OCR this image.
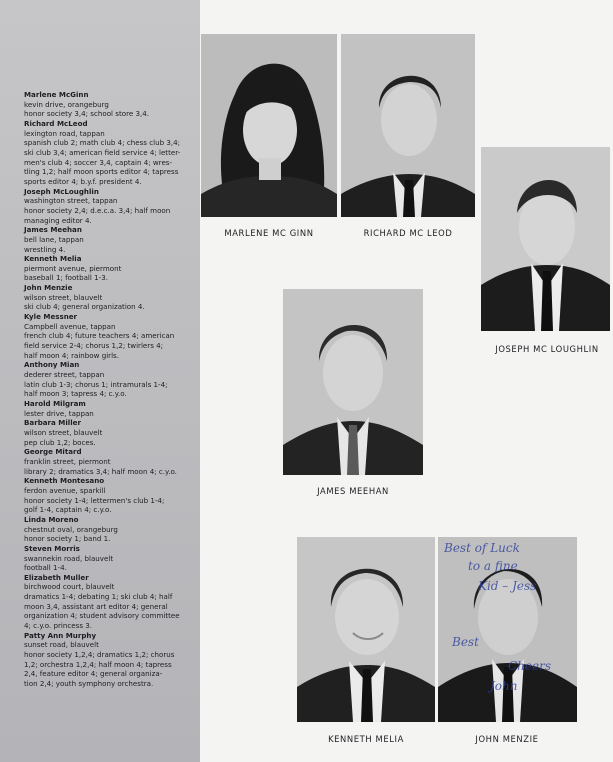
Marlene McGinn
kevin drive, orangeburg
honor society 3,4; school store 3,4.
Richard McLeod
lexington road, tappan
spanish club 2; math club 4; chess club 3,4;
ski club 3,4; american field service 4; letter-
men's club 4; soccer 3,4, captain 4; wres-
tling 1,2; half moon sports editor 4; tapress
sports editor 4; b.y.f. president 4.
Joseph McLoughlin
washington street, tappan
honor society 2,4; d.e.c.a. 3,4; half moon
managing editor 4.
James Meehan
bell lane, tappan
wrestling 4.
Kenneth Melia
piermont avenue, piermont
baseball 1; football 1-3.
John Menzie
wilson street, blauvelt
ski club 4; general organization 4.
Kyle Messner
Campbell avenue, tappan
french club 4; future teachers 4; american
field service 2-4; chorus 1,2; twirlers 4;
half moon 4; rainbow girls.
Anthony Mian
dederer street, tappan
latin club 1-3; chorus 1; intramurals 1-4;
half moon 3; tapress 4; c.y.o.
Harold Milgram
lester drive, tappan
Barbara Miller
wilson street, blauvelt
pep club 1,2; boces.
George Mitard
franklin street, piermont
library 2; dramatics 3,4; half moon 4; c.y.o.
Kenneth Montesano
ferdon avenue, sparkill
honor society 1-4; lettermen's club 1-4;
golf 1-4, captain 4; c.y.o.
Linda Moreno
chestnut oval, orangeburg
honor society 1; band 1.
Steven Morris
swannekin road, blauvelt
football 1-4.
Elizabeth Muller
birchwood court, blauvelt
dramatics 1-4; debating 1; ski club 4; half
moon 3,4, assistant art editor 4; general
organization 4; student advisory committee
4; c.y.o. princess 3.
Patty Ann Murphy
sunset road, blauvelt
honor society 1,2,4; dramatics 1,2; chorus
1,2; orchestra 1,2,4; half moon 4; tapress
2,4, feature editor 4; general organiza-
tion 2,4; youth symphony orchestra.
MARLENE MC GINN	RICHARD MC LEOD
JOSEPH MC LOUGHLIN
JAMES MEEHAN
KENNETH MELIA
Best of Luck
to a fine
Kid – Jess
Best
Cheers
John
JOHN MENZIE
